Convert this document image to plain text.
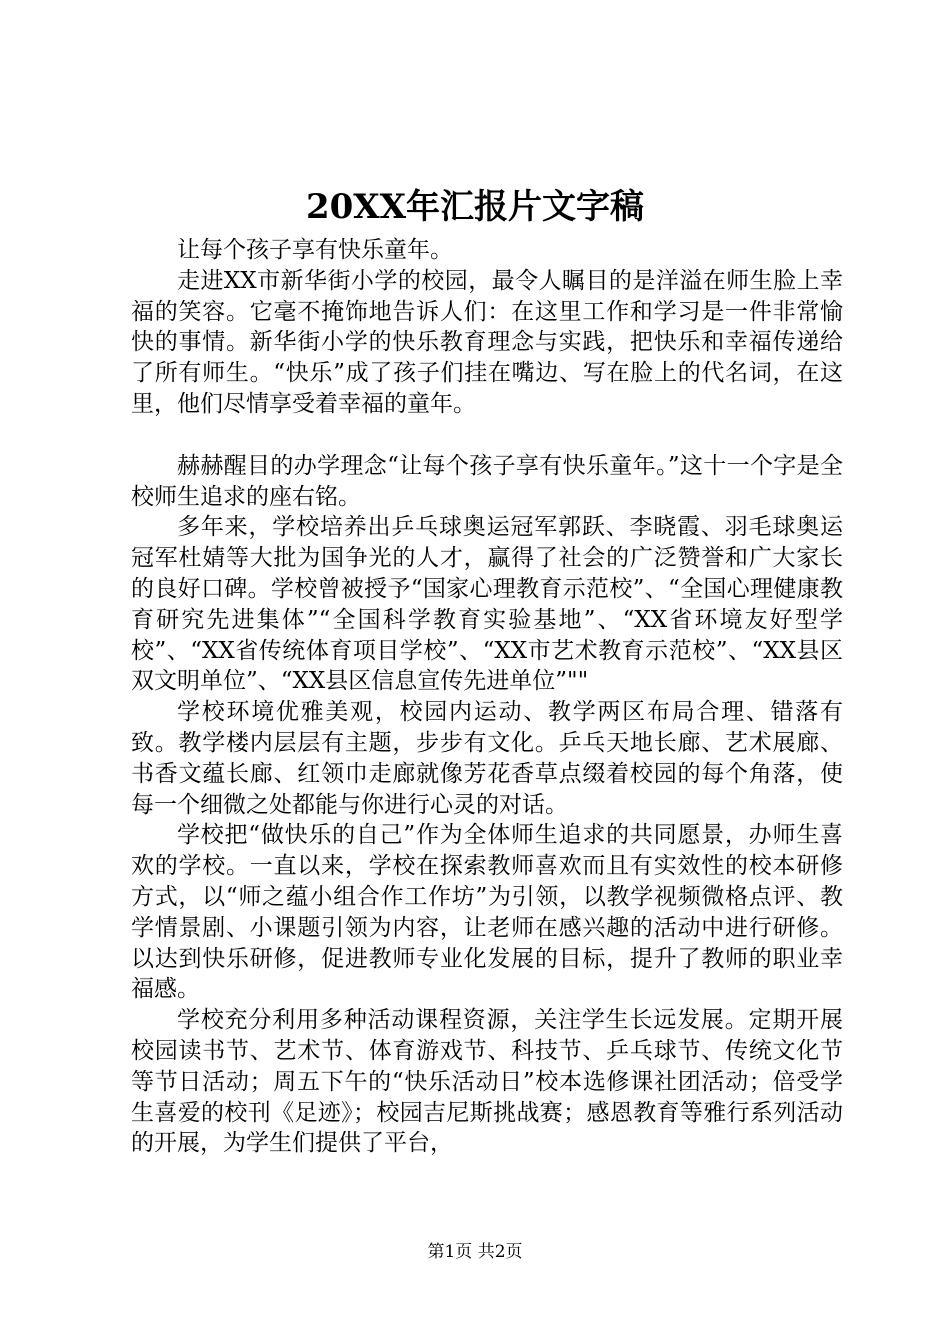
20XX年汇报片文字稿

让每个孩子享有快乐童年。

走进XX市新华街小学的校园，最令人瞩目的是洋溢在师生脸上幸福的笑容。它毫不掩饰地告诉人们：在这里工作和学习是一件非常愉快的事情。新华街小学的快乐教育理念与实践，把快乐和幸福传递给了所有师生。“快乐”成了孩子们挂在嘴边、写在脸上的代名词，在这里，他们尽情享受着幸福的童年。

赫赫醒目的办学理念“让每个孩子享有快乐童年。”这十一个字是全校师生追求的座右铭。

多年来，学校培养出乒乓球奥运冠军郭跃、李晓霞、羽毛球奥运冠军杜婧等大批为国争光的人才，赢得了社会的广泛赞誉和广大家长的良好口碑。学校曾被授予“国家心理教育示范校”、“全国心理健康教育研究先进集体”“全国科学教育实验基地”、“XX省环境友好型学校”、“XX省传统体育项目学校”、“XX市艺术教育示范校”、“XX县区双文明单位”、“XX县区信息宣传先进单位”""

学校环境优雅美观，校园内运动、教学两区布局合理、错落有致。教学楼内层层有主题，步步有文化。乒乓天地长廊、艺术展廊、书香文蕴长廊、红领巾走廊就像芳花香草点缀着校园的每个角落，使每一个细微之处都能与你进行心灵的对话。

学校把“做快乐的自己”作为全体师生追求的共同愿景，办师生喜欢的学校。一直以来，学校在探索教师喜欢而且有实效性的校本研修方式，以“师之蕴小组合作工作坊”为引领，以教学视频微格点评、教学情景剧、小课题引领为内容，让老师在感兴趣的活动中进行研修。以达到快乐研修，促进教师专业化发展的目标，提升了教师的职业幸福感。

学校充分利用多种活动课程资源，关注学生长远发展。定期开展校园读书节、艺术节、体育游戏节、科技节、乒乓球节、传统文化节等节日活动；周五下午的“快乐活动日”校本选修课社团活动；倍受学生喜爱的校刊《足迹》；校园吉尼斯挑战赛；感恩教育等雅行系列活动的开展，为学生们提供了平台，

第1页 共2页
